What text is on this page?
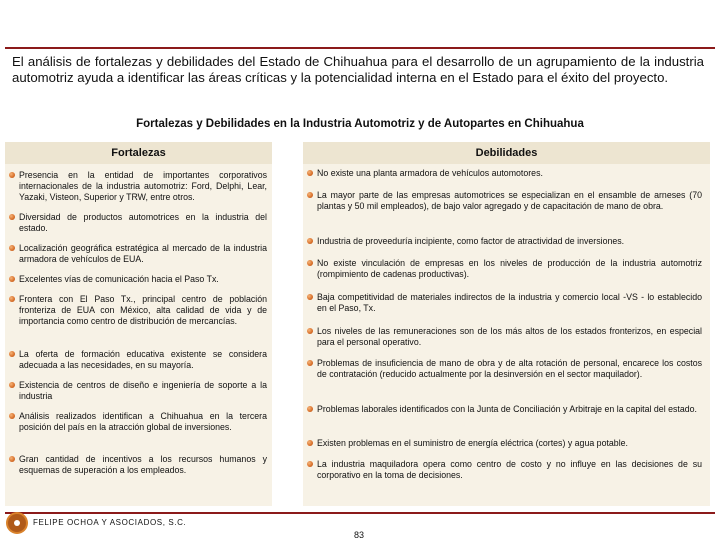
El análisis de fortalezas y debilidades del Estado de Chihuahua para el desarrollo de un agrupamiento de la industria automotriz ayuda a identificar las áreas críticas y la potencialidad interna en el Estado para el éxito del proyecto.

Fortalezas y Debilidades en la Industria Automotriz y de Autopartes en Chihuahua

Fortalezas	Debilidades
Presencia en la entidad de importantes corporativos internacionales de la industria automotriz: Ford, Delphi, Lear, Yazaki, Visteon, Superior y TRW, entre otros.
Diversidad de productos automotrices en la industria del estado.
Localización geográfica estratégica al mercado de la industria armadora de vehículos de EUA.
Excelentes vías de comunicación hacia el Paso Tx.
Frontera con El Paso Tx., principal centro de población fronteriza de EUA con México, alta calidad de vida y de importancia como centro de distribución de mercancías.
La oferta de formación educativa existente se considera adecuada a las necesidades, en su mayoría.
Existencia de centros de diseño e ingeniería de soporte a la industria
Análisis realizados identifican a Chihuahua en la tercera posición del país en la atracción global de inversiones.
Gran cantidad de incentivos a los recursos humanos y esquemas de superación a los empleados.
No existe una planta armadora de vehículos automotores.
La mayor parte de las empresas automotrices se especializan en el ensamble de arneses (70 plantas y 50 mil empleados), de bajo valor agregado y de capacitación de mano de obra.
Industria de proveeduría incipiente, como factor de atractividad de inversiones.
No existe vinculación de empresas en los niveles de producción de la industria automotriz (rompimiento de cadenas productivas).
Baja competitividad de materiales indirectos de la industria y comercio local -VS - lo establecido en el Paso, Tx.
Los niveles de las remuneraciones son de los más altos de los estados fronterizos, en especial para el personal operativo.
Problemas de insuficiencia de mano de obra y de alta rotación de personal, encarece los costos de contratación (reducido actualmente por la desinversión en el sector maquilador).
Problemas laborales identificados con la Junta de Conciliación y Arbitraje en la capital del estado.
Existen problemas en el suministro de energía eléctrica (cortes) y agua potable.
La industria maquiladora opera como centro de costo y no influye en las decisiones de su corporativo en la toma de decisiones.

FELIPE OCHOA Y ASOCIADOS, S.C.

83
